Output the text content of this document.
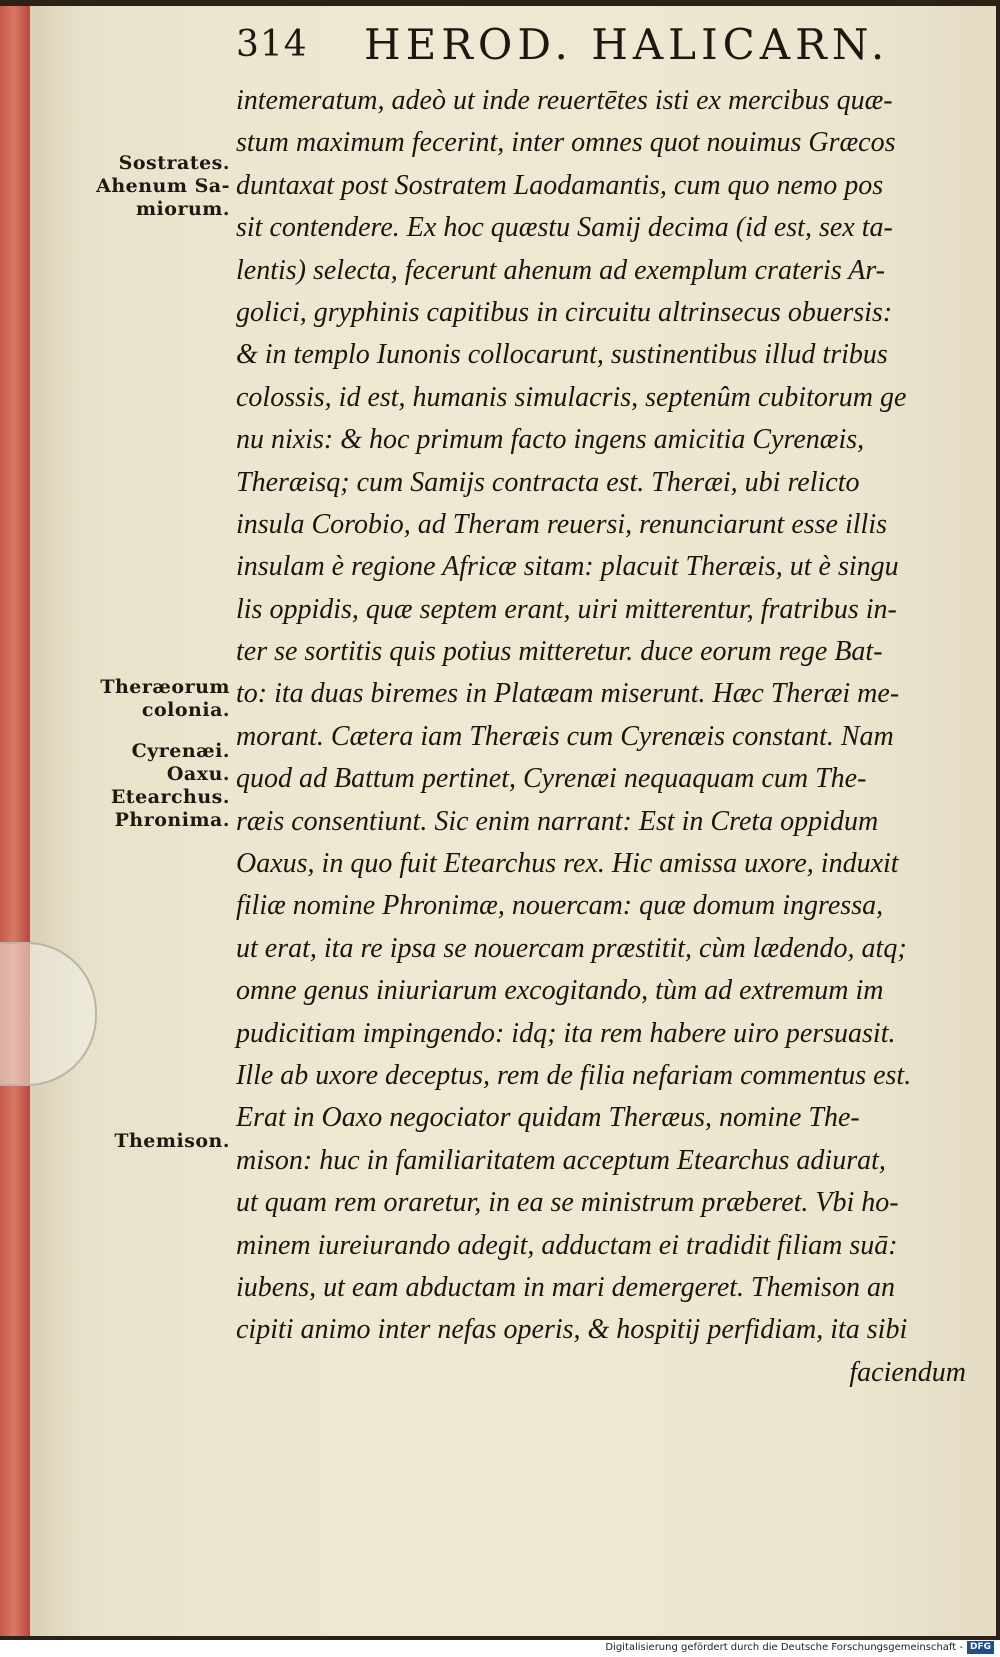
314 HEROD. HALICARN.
Sostrates.
Ahenum Sa-
miorum.
Theræorum
colonia.
Cyrenæi.
Oaxu.
Etearchus.
Phronima.
Themison.
intemeratum, adeò ut inde reuertētes isti ex mercibus quæ-
stum maximum fecerint, inter omnes quot nouimus Græcos
duntaxat post Sostratem Laodamantis, cum quo nemo pos
sit contendere. Ex hoc quæstu Samij decima (id est, sex ta-
lentis) selecta, fecerunt ahenum ad exemplum crateris Ar-
golici, gryphinis capitibus in circuitu altrinsecus obuersis:
& in templo Iunonis collocarunt, sustinentibus illud tribus
colossis, id est, humanis simulacris, septenûm cubitorum ge
nu nixis: & hoc primum facto ingens amicitia Cyrenæis,
Theræisq; cum Samijs contracta est. Theræi, ubi relicto
insula Corobio, ad Theram reuersi, renunciarunt esse illis
insulam è regione Africæ sitam: placuit Theræis, ut è singu
lis oppidis, quæ septem erant, uiri mitterentur, fratribus in-
ter se sortitis quis potius mitteretur. duce eorum rege Bat-
to: ita duas biremes in Platæam miserunt. Hæc Theræi me-
morant. Cætera iam Theræis cum Cyrenæis constant. Nam
quod ad Battum pertinet, Cyrenæi nequaquam cum The-
ræis consentiunt. Sic enim narrant: Est in Creta oppidum
Oaxus, in quo fuit Etearchus rex. Hic amissa uxore, induxit
filiæ nomine Phronimæ, nouercam: quæ domum ingressa,
ut erat, ita re ipsa se nouercam præstitit, cùm lædendo, atq;
omne genus iniuriarum excogitando, tùm ad extremum im
pudicitiam impingendo: idq; ita rem habere uiro persuasit.
Ille ab uxore deceptus, rem de filia nefariam commentus est.
Erat in Oaxo negociator quidam Theræus, nomine The-
mison: huc in familiaritatem acceptum Etearchus adiurat,
ut quam rem oraretur, in ea se ministrum præberet. Vbi ho-
minem iureiurando adegit, adductam ei tradidit filiam suā:
iubens, ut eam abductam in mari demergeret. Themison an
cipiti animo inter nefas operis, & hospitij perfidiam, ita sibi
faciendum
Digitalisierung gefördert durch die Deutsche Forschungsgemeinschaft - DFG
